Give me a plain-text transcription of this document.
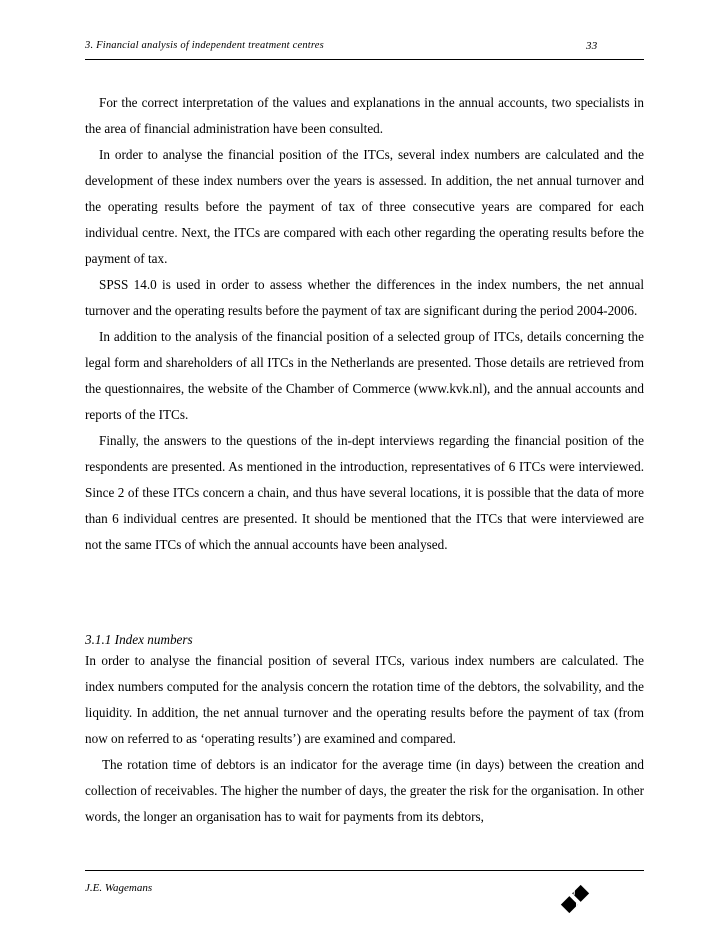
3. Financial analysis of independent treatment centres	33

For the correct interpretation of the values and explanations in the annual accounts, two specialists in the area of financial administration have been consulted.

In order to analyse the financial position of the ITCs, several index numbers are calculated and the development of these index numbers over the years is assessed. In addition, the net annual turnover and the operating results before the payment of tax of three consecutive years are compared for each individual centre. Next, the ITCs are compared with each other regarding the operating results before the payment of tax.

SPSS 14.0 is used in order to assess whether the differences in the index numbers, the net annual turnover and the operating results before the payment of tax are significant during the period 2004-2006.

In addition to the analysis of the financial position of a selected group of ITCs, details concerning the legal form and shareholders of all ITCs in the Netherlands are presented. Those details are retrieved from the questionnaires, the website of the Chamber of Commerce (www.kvk.nl), and the annual accounts and reports of the ITCs.

Finally, the answers to the questions of the in-dept interviews regarding the financial position of the respondents are presented. As mentioned in the introduction, representatives of 6 ITCs were interviewed. Since 2 of these ITCs concern a chain, and thus have several locations, it is possible that the data of more than 6 individual centres are presented. It should be mentioned that the ITCs that were interviewed are not the same ITCs of which the annual accounts have been analysed.

3.1.1 Index numbers

In order to analyse the financial position of several ITCs, various index numbers are calculated. The index numbers computed for the analysis concern the rotation time of the debtors, the solvability, and the liquidity. In addition, the net annual turnover and the operating results before the payment of tax (from now on referred to as ‘operating results’) are examined and compared.

The rotation time of debtors is an indicator for the average time (in days) between the creation and collection of receivables. The higher the number of days, the greater the risk for the organisation. In other words, the longer an organisation has to wait for payments from its debtors,

J.E. Wagemans	U
M
